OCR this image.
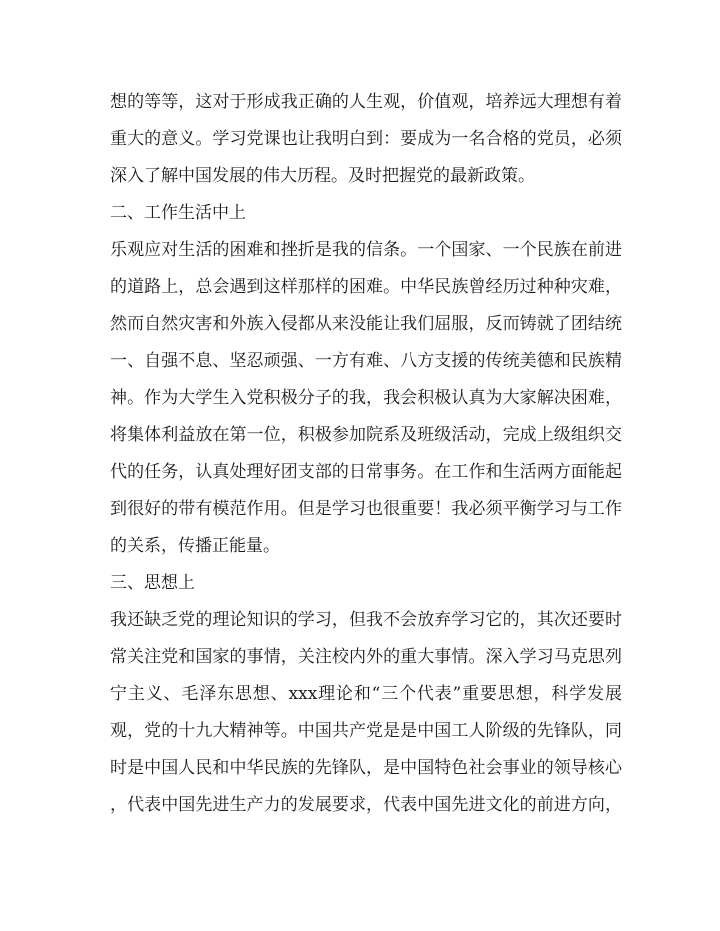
想的等等，这对于形成我正确的人生观，价值观，培养远大理想有着
重大的意义。学习党课也让我明白到：要成为一名合格的党员，必须
深入了解中国发展的伟大历程。及时把握党的最新政策。
二、工作生活中上
乐观应对生活的困难和挫折是我的信条。一个国家、一个民族在前进
的道路上，总会遇到这样那样的困难。中华民族曾经历过种种灾难，
然而自然灾害和外族入侵都从来没能让我们屈服，反而铸就了团结统
一、自强不息、坚忍顽强、一方有难、八方支援的传统美德和民族精
神。作为大学生入党积极分子的我，我会积极认真为大家解决困难，
将集体利益放在第一位，积极参加院系及班级活动，完成上级组织交
代的任务，认真处理好团支部的日常事务。在工作和生活两方面能起
到很好的带有模范作用。但是学习也很重要！我必须平衡学习与工作
的关系，传播正能量。
三、思想上
我还缺乏党的理论知识的学习，但我不会放弃学习它的，其次还要时
常关注党和国家的事情，关注校内外的重大事情。深入学习马克思列
宁主义、毛泽东思想、xxx理论和“三个代表”重要思想，科学发展
观，党的十九大精神等。中国共产党是是中国工人阶级的先锋队，同
时是中国人民和中华民族的先锋队，是中国特色社会事业的领导核心
，代表中国先进生产力的发展要求，代表中国先进文化的前进方向，
